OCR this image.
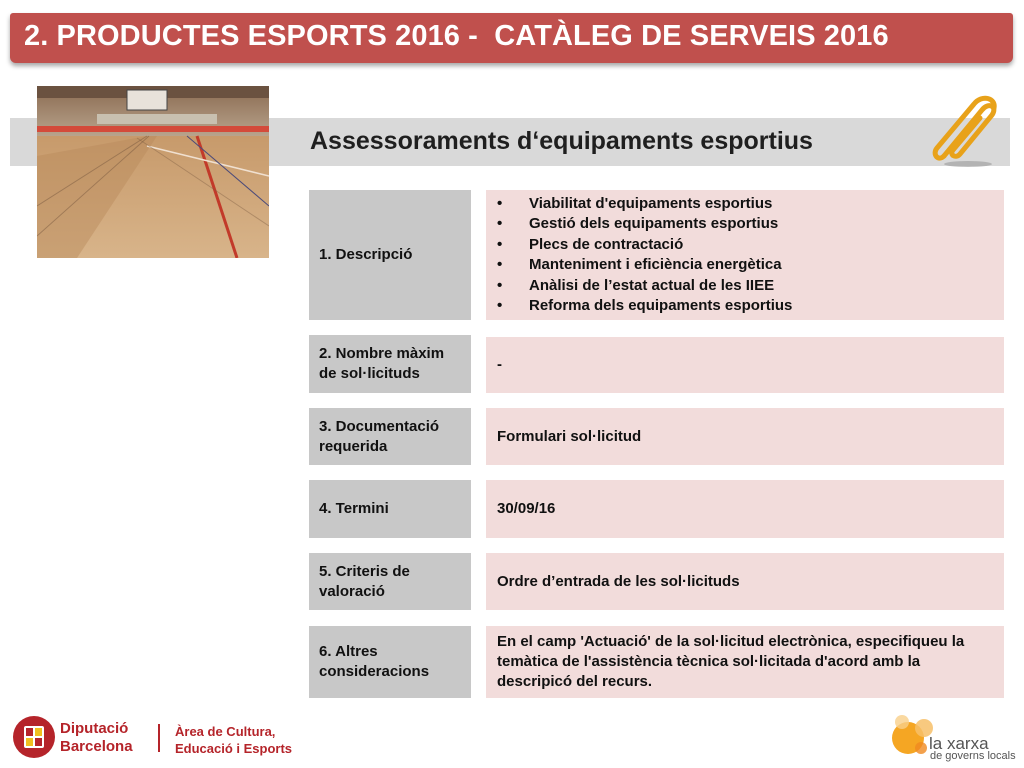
2. PRODUCTES ESPORTS 2016 -  CATÀLEG DE SERVEIS 2016
Assessoraments d‘equipaments esportius
1. Descripció
• Viabilitat d'equipaments esportius
• Gestió dels equipaments esportius
• Plecs de contractació
• Manteniment i eficiència energètica
• Anàlisi de l’estat actual de les IIEE
• Reforma dels equipaments esportius
2. Nombre màxim de sol·licituds
-
3. Documentació requerida
Formulari sol·licitud
4. Termini	30/09/16
5. Criteris de valoració
Ordre d’entrada de les sol·licituds
6. Altres consideracions
En el camp 'Actuació' de la sol·licitud electrònica, especifiqueu la temàtica de l'assistència tècnica sol·licitada d'acord amb la descripicó del recurs.
Diputació
Barcelona
Àrea de Cultura,
Educació i Esports	la xarxa
de governs locals
